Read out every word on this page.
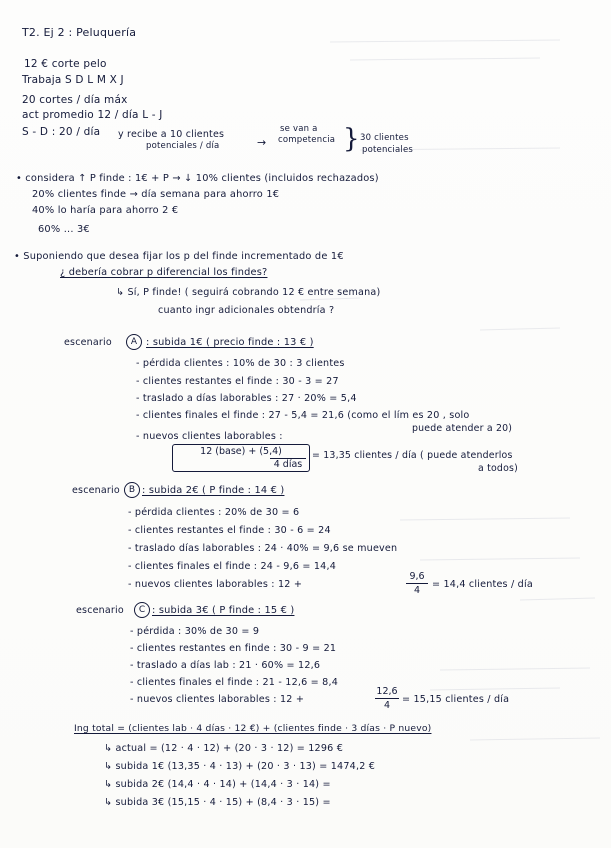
T2. Ej 2 : Peluquería
12 € corte pelo
Trabaja S D L M X J
20 cortes / día máx
act promedio 12 / día L - J
S - D : 20 / día y recibe a 10 clientes
potenciales / día	→
se van a
competencia } 30 clientes
potenciales
• considera ↑ P finde : 1€ + P → ↓ 10% clientes (incluidos rechazados)
20% clientes finde → día semana para ahorro 1€
40% lo haría para ahorro 2 €
60% ... 3€
• Suponiendo que desea fijar los p del finde incrementado de 1€
¿ debería cobrar p diferencial los findes?
↳ Sí, P finde! ( seguirá cobrando 12 € entre semana)
cuanto ingr adicionales obtendría ?
escenario	A : subida 1€ ( precio finde : 13 € )
- pérdida clientes : 10% de 30 : 3 clientes
- clientes restantes el finde : 30 - 3 = 27
- traslado a días laborables : 27 · 20% = 5,4
- clientes finales el finde : 27 - 5,4 = 21,6 (como el lím es 20 , solo
puede atender a 20)
- nuevos clientes laborables :
12 (base) + (5,4)
4 días
= 13,35 clientes / día ( puede atenderlos
a todos)
escenario	B : subida 2€ ( P finde : 14 € )
- pérdida clientes : 20% de 30 = 6
- clientes restantes el finde : 30 - 6 = 24
- traslado días laborables : 24 · 40% = 9,6 se mueven
- clientes finales el finde : 24 - 9,6 = 14,4
- nuevos clientes laborables : 12 +
9,6
4
= 14,4 clientes / día
escenario	C : subida 3€ ( P finde : 15 € )
- pérdida : 30% de 30 = 9
- clientes restantes en finde : 30 - 9 = 21
- traslado a días lab : 21 · 60% = 12,6
- clientes finales el finde : 21 - 12,6 = 8,4
- nuevos clientes laborables : 12 +
12,6
4
= 15,15 clientes / día
Ing total = (clientes lab · 4 días · 12 €) + (clientes finde · 3 días · P nuevo)
↳ actual = (12 · 4 · 12) + (20 · 3 · 12) = 1296 €
↳ subida 1€ (13,35 · 4 · 13) + (20 · 3 · 13) = 1474,2 €
↳ subida 2€ (14,4 · 4 · 14) + (14,4 · 3 · 14) =
↳ subida 3€ (15,15 · 4 · 15) + (8,4 · 3 · 15) =
